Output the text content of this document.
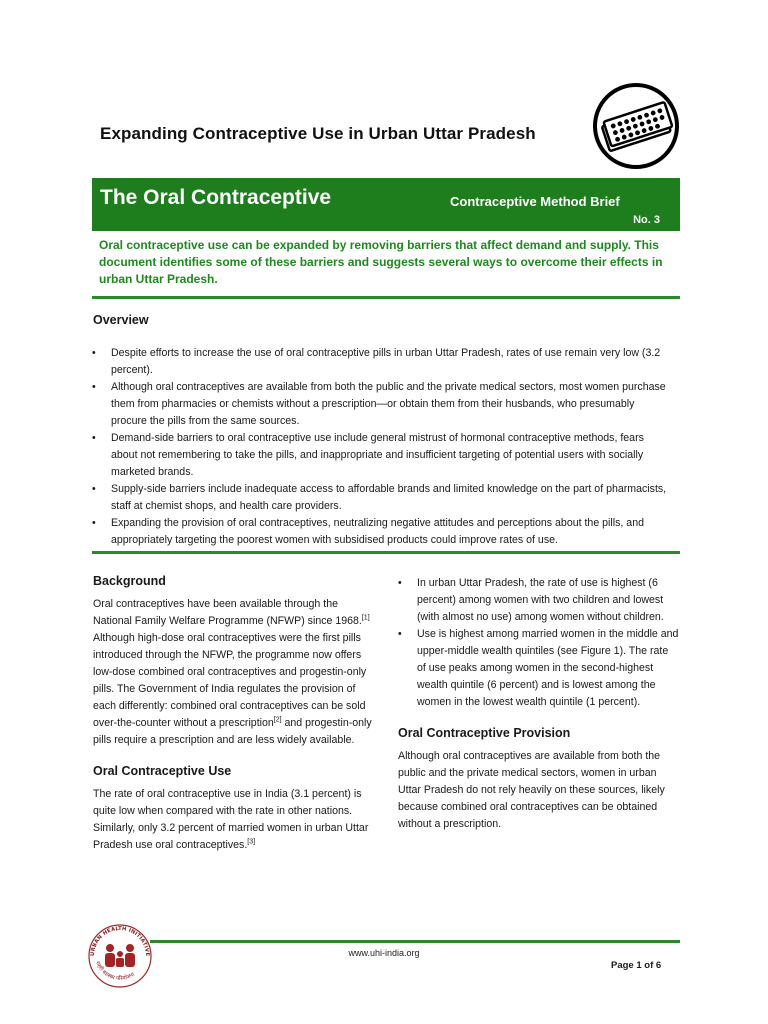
Expanding Contraceptive Use in Urban Uttar Pradesh
The Oral Contraceptive	Contraceptive Method Brief
No. 3
Oral contraceptive use can be expanded by removing barriers that affect demand and supply. This document identifies some of these barriers and suggests several ways to overcome their effects in urban Uttar Pradesh.
Overview
• Despite efforts to increase the use of oral contraceptive pills in urban Uttar Pradesh, rates of use remain very low (3.2 percent).
• Although oral contraceptives are available from both the public and the private medical sectors, most women purchase them from pharmacies or chemists without a prescription—or obtain them from their husbands, who presumably procure the pills from the same sources.
• Demand-side barriers to oral contraceptive use include general mistrust of hormonal contraceptive methods, fears about not remembering to take the pills, and inappropriate and insufficient targeting of potential users with socially marketed brands.
• Supply-side barriers include inadequate access to affordable brands and limited knowledge on the part of pharmacists, staff at chemist shops, and health care providers.
• Expanding the provision of oral contraceptives, neutralizing negative attitudes and perceptions about the pills, and appropriately targeting the poorest women with subsidised products could improve rates of use.
Background

Oral contraceptives have been available through the National Family Welfare Programme (NFWP) since 1968.[1] Although high-dose oral contraceptives were the first pills introduced through the NFWP, the programme now offers low-dose combined oral contraceptives and progestin-only pills. The Government of India regulates the provision of each differently: combined oral contraceptives can be sold over-the-counter without a prescription[2] and progestin-only pills require a prescription and are less widely available.

Oral Contraceptive Use

The rate of oral contraceptive use in India (3.1 percent) is quite low when compared with the rate in other nations. Similarly, only 3.2 percent of married women in urban Uttar Pradesh use oral contraceptives.[3]

• In urban Uttar Pradesh, the rate of use is highest (6 percent) among women with two children and lowest (with almost no use) among women without children.
• Use is highest among married women in the middle and upper-middle wealth quintiles (see Figure 1). The rate of use peaks among women in the second-highest wealth quintile (6 percent) and is lowest among the women in the lowest wealth quintile (1 percent).
Oral Contraceptive Provision

Although oral contraceptives are available from both the public and the private medical sectors, women in urban Uttar Pradesh do not rely heavily on these sources, likely because combined oral contraceptives can be obtained without a prescription.

URBAN HEALTH INITIATIVE
शहरी स्वास्थ्य परियोजना
www.uhi-india.org
Page 1 of 6
